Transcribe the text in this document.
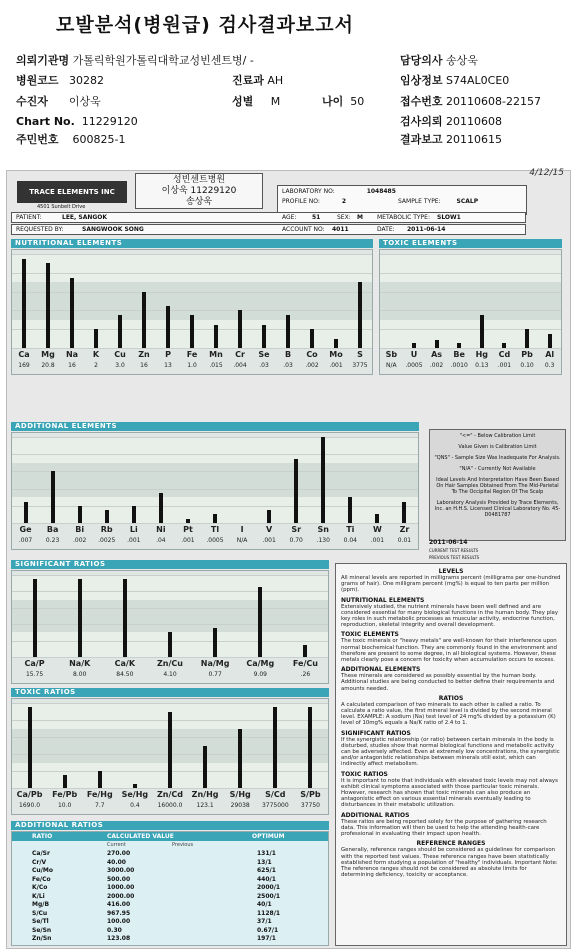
모발분석(병원급) 검사결과보고서
의뢰기관명 가톨릭학원가톨릭대학교성빈센트병/ -
병원코드 30282
수진자 이상욱
Chart No. 11229120
주민번호 600825-1
진료과 AH
성별 M	나이 50
담당의사 송상욱
임상정보 S74AL0CE0
접수번호 20110608-22157
검사의뢰 20110608
결과보고 20110615
4/12/15
TRACE ELEMENTS INC
4501 Sunbelt Drive
성빈센트병원
이상욱 11229120
송상욱
LABORATORY NO:	1048485
PROFILE NO:	2	SAMPLE TYPE:	SCALP
PATIENT:	LEE, SANGOK	AGE:	51	SEX: M METABOLIC TYPE: SLOW1
REQUESTED BY:	SANGWOOK SONG	ACCOUNT NO: 4011	DATE: 2011-06-14
NUTRITIONAL ELEMENTS
Ca
169
Mg
20.8
Na
16
K
2
Cu
3.0
Zn
16
P
13
Fe
1.0
Mn
.015
Cr
.004
Se
.03
B
.03
Co
.002
Mo
.001
S
3775
TOXIC ELEMENTS
Sb
N/A
U
.0005
As
.002
Be
.0010
Hg
0.13
Cd
.001
Pb
0.10
Al
0.3
ADDITIONAL ELEMENTS
Ge
.007
Ba
0.23
Bi
.002
Rb
.0025
Li
.001
Ni
.04
Pt
.001
Tl
.0005
I
N/A
V
.001
Sr
0.70
Sn
.130
Ti
0.04
W
.001
Zr
0.01
"<=" - Below Calibration Limit
Value Given is Calibration Limit
"QNS" - Sample Size Was Inadequate For Analysis.
"N/A" - Currently Not Available
Ideal Levels And Interpretation Have Been Based On Hair Samples Obtained From The Mid-Parietal To The Occipital Region Of The Scalp
Laboratory Analysis Provided by Trace Elements, Inc. an H.H.S. Licensed Clinical Laboratory No. 45-D0481787
2011-06-14
CURRENT TEST RESULTS
PREVIOUS TEST RESULTS
SIGNIFICANT RATIOS
Ca/P
15.75
Na/K
8.00
Ca/K
84.50
Zn/Cu
4.10
Na/Mg
0.77
Ca/Mg
9.09
Fe/Cu
.26
TOXIC RATIOS
Ca/Pb
1690.0
Fe/Pb
10.0
Fe/Hg
7.7
Se/Hg
0.4
Zn/Cd
16000.0
Zn/Hg
123.1
S/Hg
29038
S/Cd
3775000
S/Pb
37750
ADDITIONAL RATIOS
RATIO	CALCULATED VALUE	OPTIMUM
Current	Previous
Ca/Sr	270.00	131/1
Cr/V	40.00	13/1
Cu/Mo	3000.00	625/1
Fe/Co	500.00	440/1
K/Co	1000.00	2000/1
K/Li	2000.00	2500/1
Mg/B	416.00	40/1
S/Cu	967.95	1128/1
Se/Tl	100.00	37/1
Se/Sn	0.30	0.67/1
Zn/Sn	123.08	197/1
LEVELS
All mineral levels are reported in milligrams percent (milligrams per one-hundred grams of hair). One milligram percent (mg%) is equal to ten parts per million (ppm).
NUTRITIONAL ELEMENTS
Extensively studied, the nutrient minerals have been well defined and are considered essential for many biological functions in the human body. They play key roles in such metabolic processes as muscular activity, endocrine function, reproduction, skeletal integrity and overall development.
TOXIC ELEMENTS
The toxic minerals or "heavy metals" are well-known for their interference upon normal biochemical function. They are commonly found in the environment and therefore are present to some degree, in all biological systems. However, these metals clearly pose a concern for toxicity when accumulation occurs to excess.
ADDITIONAL ELEMENTS
These minerals are considered as possibly essential by the human body. Additional studies are being conducted to better define their requirements and amounts needed.
RATIOS
A calculated comparison of two minerals to each other is called a ratio. To calculate a ratio value, the first mineral level is divided by the second mineral level. EXAMPLE: A sodium (Na) test level of 24 mg% divided by a potassium (K) level of 10mg% equals a Na/K ratio of 2.4 to 1.
SIGNIFICANT RATIOS
If the synergistic relationship (or ratio) between certain minerals in the body is disturbed, studies show that normal biological functions and metabolic activity can be adversely affected. Even at extremely low concentrations, the synergistic and/or antagonistic relationships between minerals still exist, which can indirectly affect metabolism.
TOXIC RATIOS
It is important to note that individuals with elevated toxic levels may not always exhibit clinical symptoms associated with those particular toxic minerals. However, research has shown that toxic minerals can also produce an antagonistic effect on various essential minerals eventually leading to disturbances in their metabolic utilization.
ADDITIONAL RATIOS
These ratios are being reported solely for the purpose of gathering research data. This information will then be used to help the attending health-care professional in evaluating their impact upon health.
REFERENCE RANGES
Generally, reference ranges should be considered as guidelines for comparison with the reported test values. These reference ranges have been statistically established form studying a population of "healthy" individuals. Important Note: The reference ranges should not be considered as absolute limits for determining deficiency, toxicity or acceptance.
